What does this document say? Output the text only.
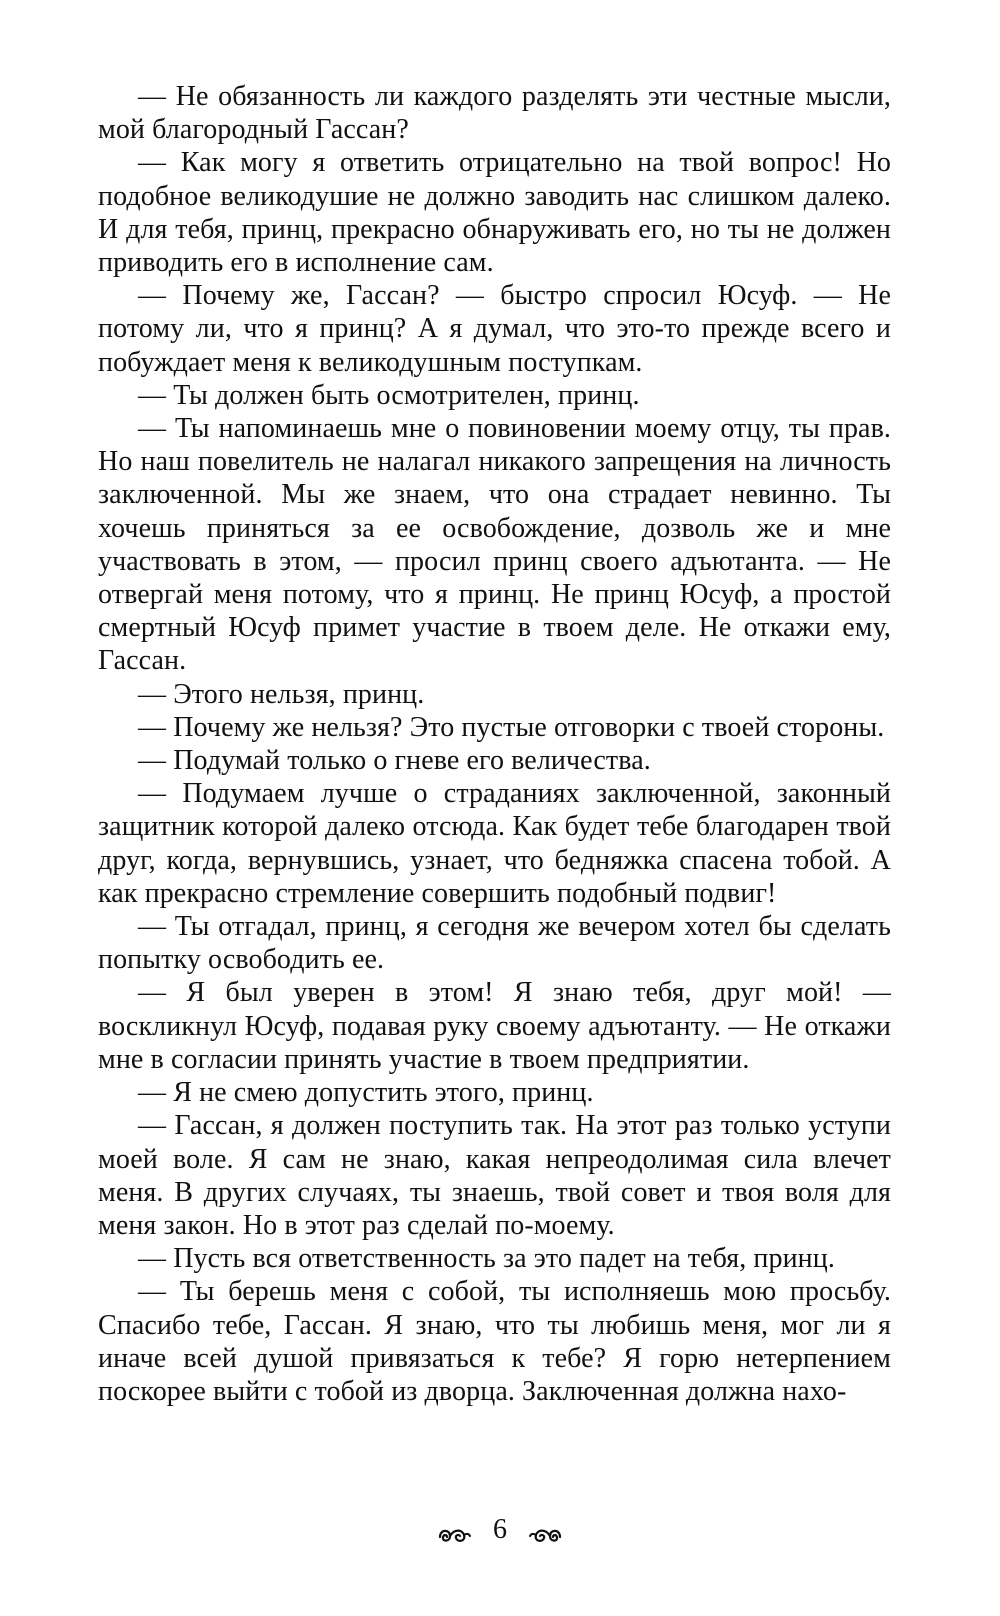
— Не обязанность ли каждого разделять эти честные мысли, мой благородный Гассан?

— Как могу я ответить отрицательно на твой вопрос! Но подобное великодушие не должно заводить нас слишком далеко. И для тебя, принц, прекрасно обнаруживать его, но ты не должен приводить его в исполнение сам.

— Почему же, Гассан? — быстро спросил Юсуф. — Не потому ли, что я принц? А я думал, что это-то прежде всего и побуждает меня к великодушным поступкам.

— Ты должен быть осмотрителен, принц.

— Ты напоминаешь мне о повиновении моему отцу, ты прав. Но наш повелитель не налагал никакого запрещения на личность заключенной. Мы же знаем, что она страдает невинно. Ты хочешь приняться за ее освобождение, дозволь же и мне участвовать в этом, — просил принц своего адъютанта. — Не отвергай меня потому, что я принц. Не принц Юсуф, а простой смертный Юсуф примет участие в твоем деле. Не откажи ему, Гассан.

— Этого нельзя, принц.

— Почему же нельзя? Это пустые отговорки с твоей стороны.

— Подумай только о гневе его величества.

— Подумаем лучше о страданиях заключенной, законный защитник которой далеко отсюда. Как будет тебе благодарен твой друг, когда, вернувшись, узнает, что бедняжка спасена тобой. А как прекрасно стремление совершить подобный подвиг!

— Ты отгадал, принц, я сегодня же вечером хотел бы сделать попытку освободить ее.

— Я был уверен в этом! Я знаю тебя, друг мой! — воскликнул Юсуф, подавая руку своему адъютанту. — Не откажи мне в согласии принять участие в твоем предприятии.

— Я не смею допустить этого, принц.

— Гассан, я должен поступить так. На этот раз только уступи моей воле. Я сам не знаю, какая непреодолимая сила влечет меня. В других случаях, ты знаешь, твой совет и твоя воля для меня закон. Но в этот раз сделай по-моему.

— Пусть вся ответственность за это падет на тебя, принц.

— Ты берешь меня с собой, ты исполняешь мою просьбу. Спасибо тебе, Гассан. Я знаю, что ты любишь меня, мог ли я иначе всей душой привязаться к тебе? Я горю нетерпением поскорее выйти с тобой из дворца. Заключенная должна нахо-

6
